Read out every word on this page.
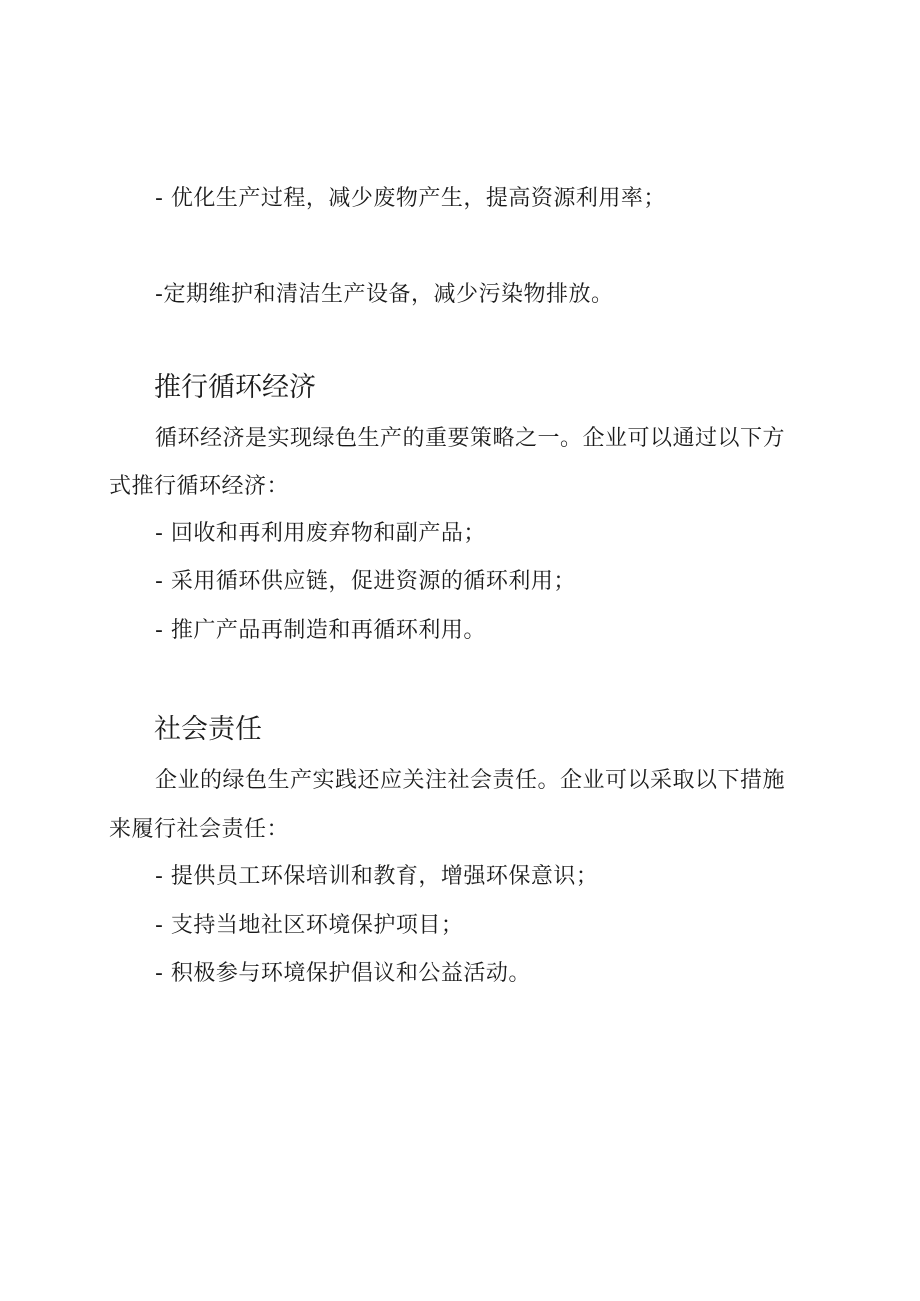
- 优化生产过程，减少废物产生，提高资源利用率；
-定期维护和清洁生产设备，减少污染物排放。
推行循环经济
循环经济是实现绿色生产的重要策略之一。企业可以通过以下方
式推行循环经济：
- 回收和再利用废弃物和副产品；
- 采用循环供应链，促进资源的循环利用；
- 推广产品再制造和再循环利用。
社会责任
企业的绿色生产实践还应关注社会责任。企业可以采取以下措施
来履行社会责任：
- 提供员工环保培训和教育，增强环保意识；
- 支持当地社区环境保护项目；
- 积极参与环境保护倡议和公益活动。
